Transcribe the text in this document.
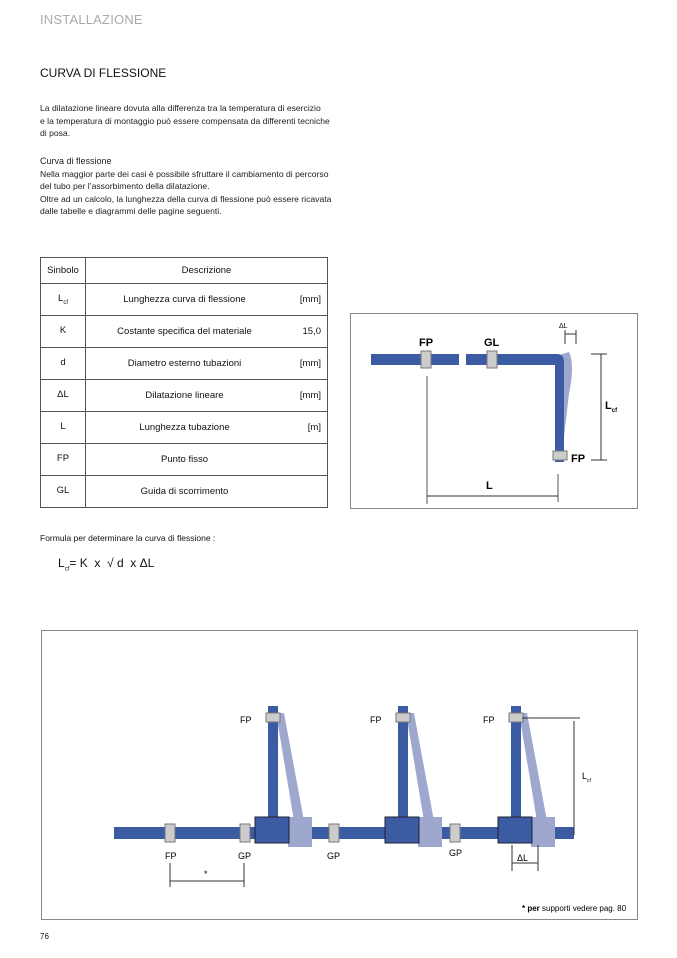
INSTALLAZIONE
CURVA DI FLESSIONE
La dilatazione lineare dovuta alla differenza tra la temperatura di esercizio
e la temperatura di montaggio può essere compensata da differenti tecniche
di posa.
Curva di flessione
Nella maggior parte dei casi è possibile sfruttare il cambiamento di percorso
del tubo per l’assorbimento della dilatazione.
Oltre ad un calcolo, la lunghezza della curva di flessione può essere ricavata
dalle tabelle e diagrammi delle pagine seguenti.
Sinbolo	Descrizione	
$L_{cf}$	Lunghezza curva di flessione	[mm]
K	Costante specifica del materiale	15,0
d	Diametro esterno tubazioni	[mm]
ΔL	Dilatazione lineare	[mm]
L	Lunghezza tubazione	[m]
FP	Punto fisso	
GL	Guida di scorrimento	
FP	GL
FP
ΔL
$L_{cf}$
L
Formula per determinare la curva di flessione :
$L_{cf}= K$  x  √ d  x ΔL
FP	FP	FP
FP	GP	GP	GP
*
ΔL
$L_{cf}$
* per supporti vedere pag. 80
76
